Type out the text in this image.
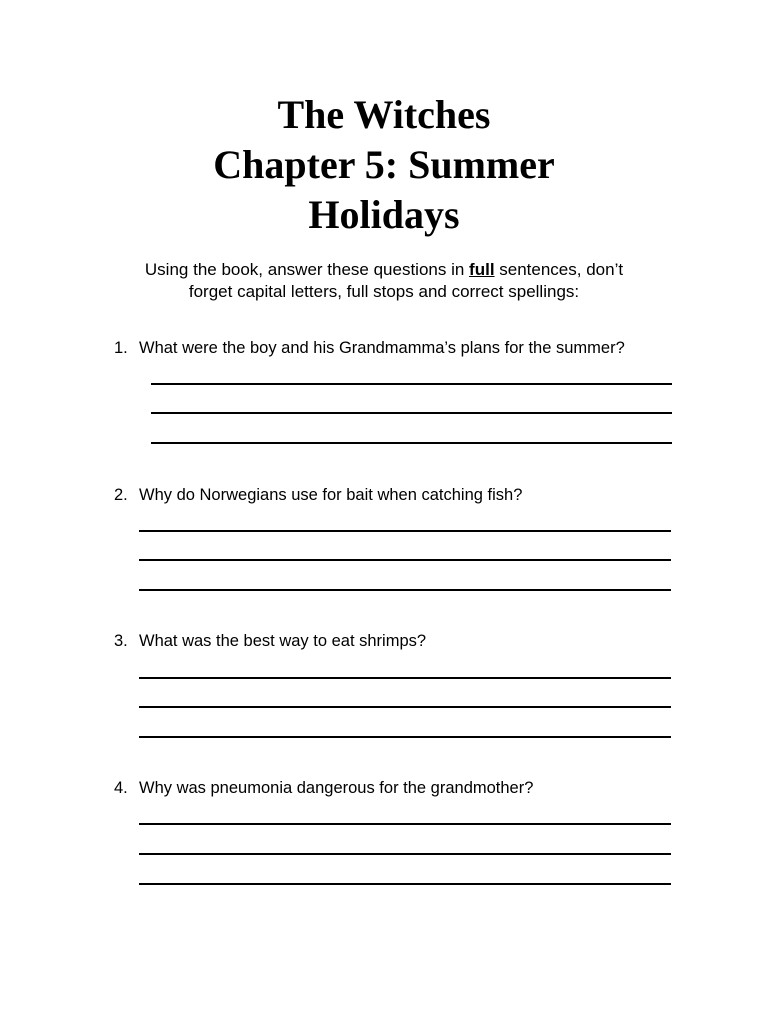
The Witches
Chapter 5: Summer
Holidays
Using the book, answer these questions in full sentences, don’t
forget capital letters, full stops and correct spellings:
1. What were the boy and his Grandmamma’s plans for the summer?
2. Why do Norwegians use for bait when catching fish?
3. What was the best way to eat shrimps?
4. Why was pneumonia dangerous for the grandmother?
